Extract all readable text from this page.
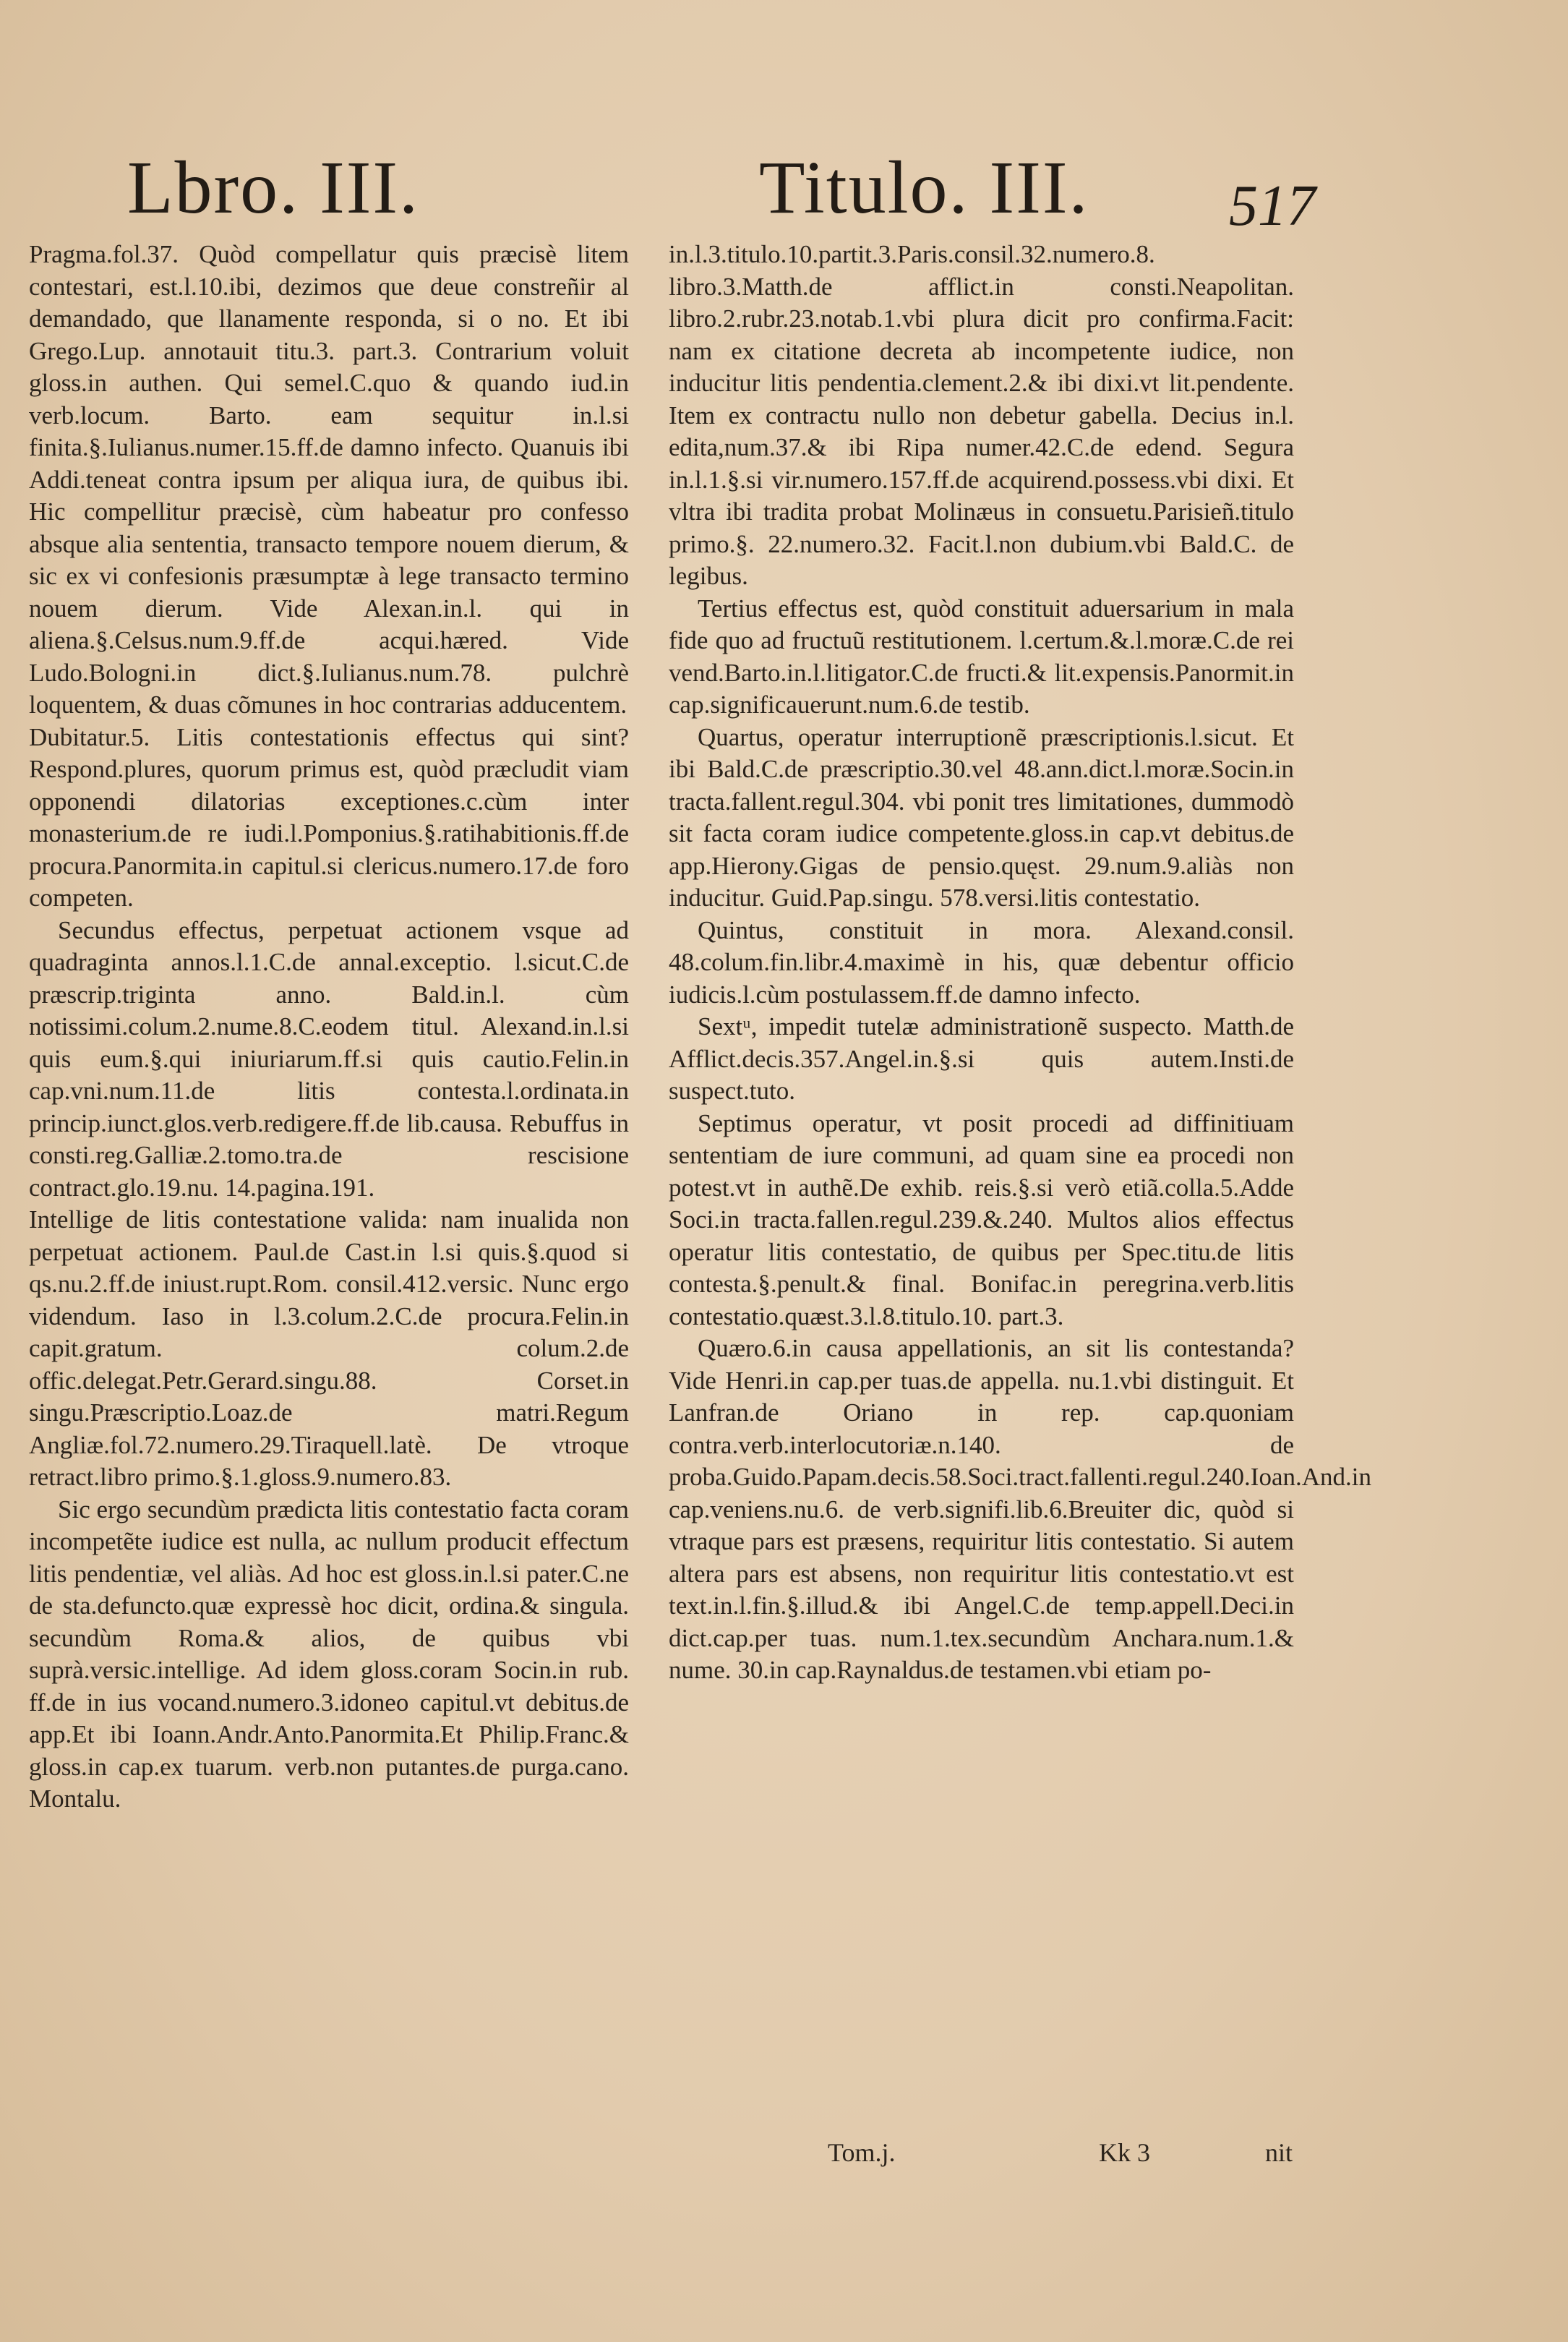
Lbro. III.	Titulo. III. 517

Pragma.fol.37. Quòd compellatur quis præcisè litem contestari, est.l.10.ibi, dezimos que deue constreñir al demandado, que llanamente responda, si o no. Et ibi Grego.Lup. annotauit titu.3. part.3. Contrarium voluit gloss.in authen. Qui semel.C.quo & quando iud.in verb.locum. Barto. eam sequitur in.l.si finita.§.Iulianus.numer.15.ff.de damno infecto. Quanuis ibi Addi.teneat contra ipsum per aliqua iura, de quibus ibi. Hic compellitur præcisè, cùm habeatur pro confesso absque alia sententia, transacto tempore nouem dierum, & sic ex vi confesionis præsumptæ à lege transacto termino nouem dierum. Vide Alexan.in.l. qui in aliena.§.Celsus.num.9.ff.de acqui.hæred. Vide Ludo.Bologni.in dict.§.Iulianus.num.78. pulchrè loquentem, & duas cõmunes in hoc contrarias adducentem.

Dubitatur.5. Litis contestationis effectus qui sint? Respond.plures, quorum primus est, quòd præcludit viam opponendi dilatorias exceptiones.c.cùm inter monasterium.de re iudi.l.Pomponius.§.ratihabitionis.ff.de procura.Panormita.in capitul.si clericus.numero.17.de foro competen.

Secundus effectus, perpetuat actionem vsque ad quadraginta annos.l.1.C.de annal.exceptio. l.sicut.C.de præscrip.triginta anno. Bald.in.l. cùm notissimi.colum.2.nume.8.C.eodem titul. Alexand.in.l.si quis eum.§.qui iniuriarum.ff.si quis cautio.Felin.in cap.vni.num.11.de litis contesta.l.ordinata.in princip.iunct.glos.verb.redigere.ff.de lib.causa. Rebuffus in consti.reg.Galliæ.2.tomo.tra.de rescisione contract.glo.19.nu. 14.pagina.191.

Intellige de litis contestatione valida: nam inualida non perpetuat actionem. Paul.de Cast.in l.si quis.§.quod si qs.nu.2.ff.de iniust.rupt.Rom. consil.412.versic. Nunc ergo videndum. Iaso in l.3.colum.2.C.de procura.Felin.in capit.gratum. colum.2.de offic.delegat.Petr.Gerard.singu.88. Corset.in singu.Præscriptio.Loaz.de matri.Regum Angliæ.fol.72.numero.29.Tiraquell.latè. De vtroque retract.libro primo.§.1.gloss.9.numero.83.

Sic ergo secundùm prædicta litis contestatio facta coram incompetẽte iudice est nulla, ac nullum producit effectum litis pendentiæ, vel aliàs. Ad hoc est gloss.in.l.si pater.C.ne de sta.defuncto.quæ expressè hoc dicit, ordina.& singula. secundùm Roma.& alios, de quibus vbi suprà.versic.intellige. Ad idem gloss.coram Socin.in rub. ff.de in ius vocand.numero.3.idoneo capitul.vt debitus.de app.Et ibi Ioann.Andr.Anto.Panormita.Et Philip.Franc.& gloss.in cap.ex tuarum. verb.non putantes.de purga.cano. Montalu.

in.l.3.titulo.10.partit.3.Paris.consil.32.numero.8. libro.3.Matth.de afflict.in consti.Neapolitan. libro.2.rubr.23.notab.1.vbi plura dicit pro confirma.Facit: nam ex citatione decreta ab incompetente iudice, non inducitur litis pendentia.clement.2.& ibi dixi.vt lit.pendente. Item ex contractu nullo non debetur gabella. Decius in.l. edita,num.37.& ibi Ripa numer.42.C.de edend. Segura in.l.1.§.si vir.numero.157.ff.de acquirend.possess.vbi dixi. Et vltra ibi tradita probat Molinæus in consuetu.Parisieñ.titulo primo.§. 22.numero.32. Facit.l.non dubium.vbi Bald.C. de legibus.

Tertius effectus est, quòd constituit aduersarium in mala fide quo ad fructuũ restitutionem. l.certum.&.l.moræ.C.de rei vend.Barto.in.l.litigator.C.de fructi.& lit.expensis.Panormit.in cap.significauerunt.num.6.de testib.

Quartus, operatur interruptionẽ præscriptionis.l.sicut. Et ibi Bald.C.de præscriptio.30.vel 48.ann.dict.l.moræ.Socin.in tracta.fallent.regul.304. vbi ponit tres limitationes, dummodò sit facta coram iudice competente.gloss.in cap.vt debitus.de app.Hierony.Gigas de pensio.quęst. 29.num.9.aliàs non inducitur. Guid.Pap.singu. 578.versi.litis contestatio.

Quintus, constituit in mora. Alexand.consil. 48.colum.fin.libr.4.maximè in his, quæ debentur officio iudicis.l.cùm postulassem.ff.de damno infecto.

Sextᵘ, impedit tutelæ administrationẽ suspecto. Matth.de Afflict.decis.357.Angel.in.§.si quis autem.Insti.de suspect.tuto.

Septimus operatur, vt posit procedi ad diffinitiuam sententiam de iure communi, ad quam sine ea procedi non potest.vt in authẽ.De exhib. reis.§.si verò etiã.colla.5.Adde Soci.in tracta.fallen.regul.239.&.240. Multos alios effectus operatur litis contestatio, de quibus per Spec.titu.de litis contesta.§.penult.& final. Bonifac.in peregrina.verb.litis contestatio.quæst.3.l.8.titulo.10. part.3.

Quæro.6.in causa appellationis, an sit lis contestanda? Vide Henri.in cap.per tuas.de appella. nu.1.vbi distinguit. Et Lanfran.de Oriano in rep. cap.quoniam contra.verb.interlocutoriæ.n.140. de proba.Guido.Papam.decis.58.Soci.tract.fallenti.regul.240.Ioan.And.in cap.veniens.nu.6. de verb.signifi.lib.6.Breuiter dic, quòd si vtraque pars est præsens, requiritur litis contestatio. Si autem altera pars est absens, non requiritur litis contestatio.vt est text.in.l.fin.§.illud.& ibi Angel.C.de temp.appell.Deci.in dict.cap.per tuas. num.1.tex.secundùm Anchara.num.1.& nume. 30.in cap.Raynaldus.de testamen.vbi etiam po-

Tom.j.	Kk 3	nit
